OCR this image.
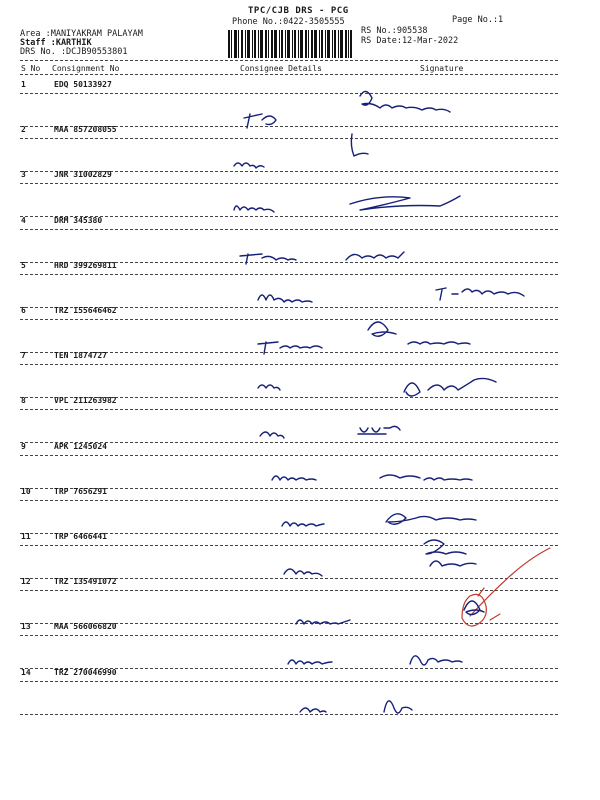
TPC/CJB DRS - PCG
Phone No.:0422-3505555	Page No.:1
Area :MANIYAKRAM PALAYAM
Staff :KARTHIK
DRS No. :DCJB90553801
RS No.:905538
RS Date:12-Mar-2022
S No Consignment No	Consignee Details	Signature
1	EDQ 50133927
2	MAA 857208055
3	JNR 31002829
4	DRM 345380
5	HRD 399269811
6	TRZ 155646462
7	TEN 1874727
8	VPL 211263982
9	APK 1245024
10	TRP 7656291
11	TRP 6466441
12	TRZ 135491072
13	MAA 566066820
14	TRZ 270046990
